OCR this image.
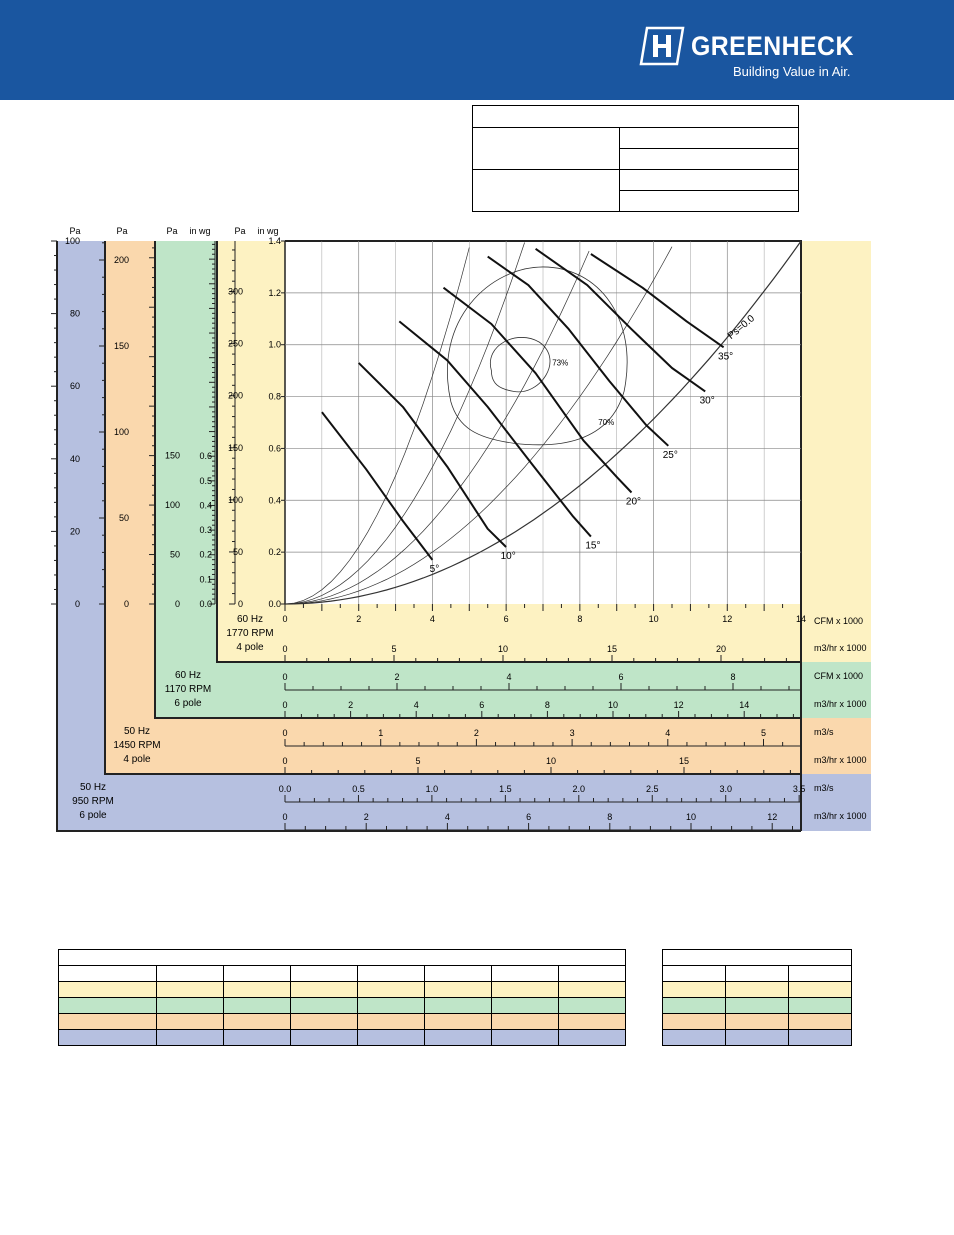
GREENHECK
Building Value in Air.

Ps=0.0
73%
70%
5°
10°
15°
20°
25°
30°
35°
0	2	4	6	8	10	12	14
0.0
0.2
0.4
0.6
0.8
1.0
1.2
1.4
0
50
100
150
200
250
300
0.0
0.1
0.2
0.3
0.4
0.5
0.6
0
50
100
150
0
50
100
150
200
0
20
40
60
80
100
0	5	10	15	20
0	2	4	6	8
0	2	4	6	8	10	12	14
0	1	2	3	4	5
0	5	10	15
0.0	0.5	1.0	1.5	2.0	2.5	3.0	3.5
0	2	4	6	8	10	12
CFM x 1000
in wg
Pa
in wg
Pa
Pa
Pa
60 Hz
1770 RPM
4 pole
60 Hz
1170 RPM
6 pole
50 Hz
1450 RPM
4 pole
50 Hz
950 RPM
6 pole
m3/hr x 1000
CFM x 1000
m3/hr x 1000
m3/s
m3/hr x 1000
m3/s
m3/hr x 1000
